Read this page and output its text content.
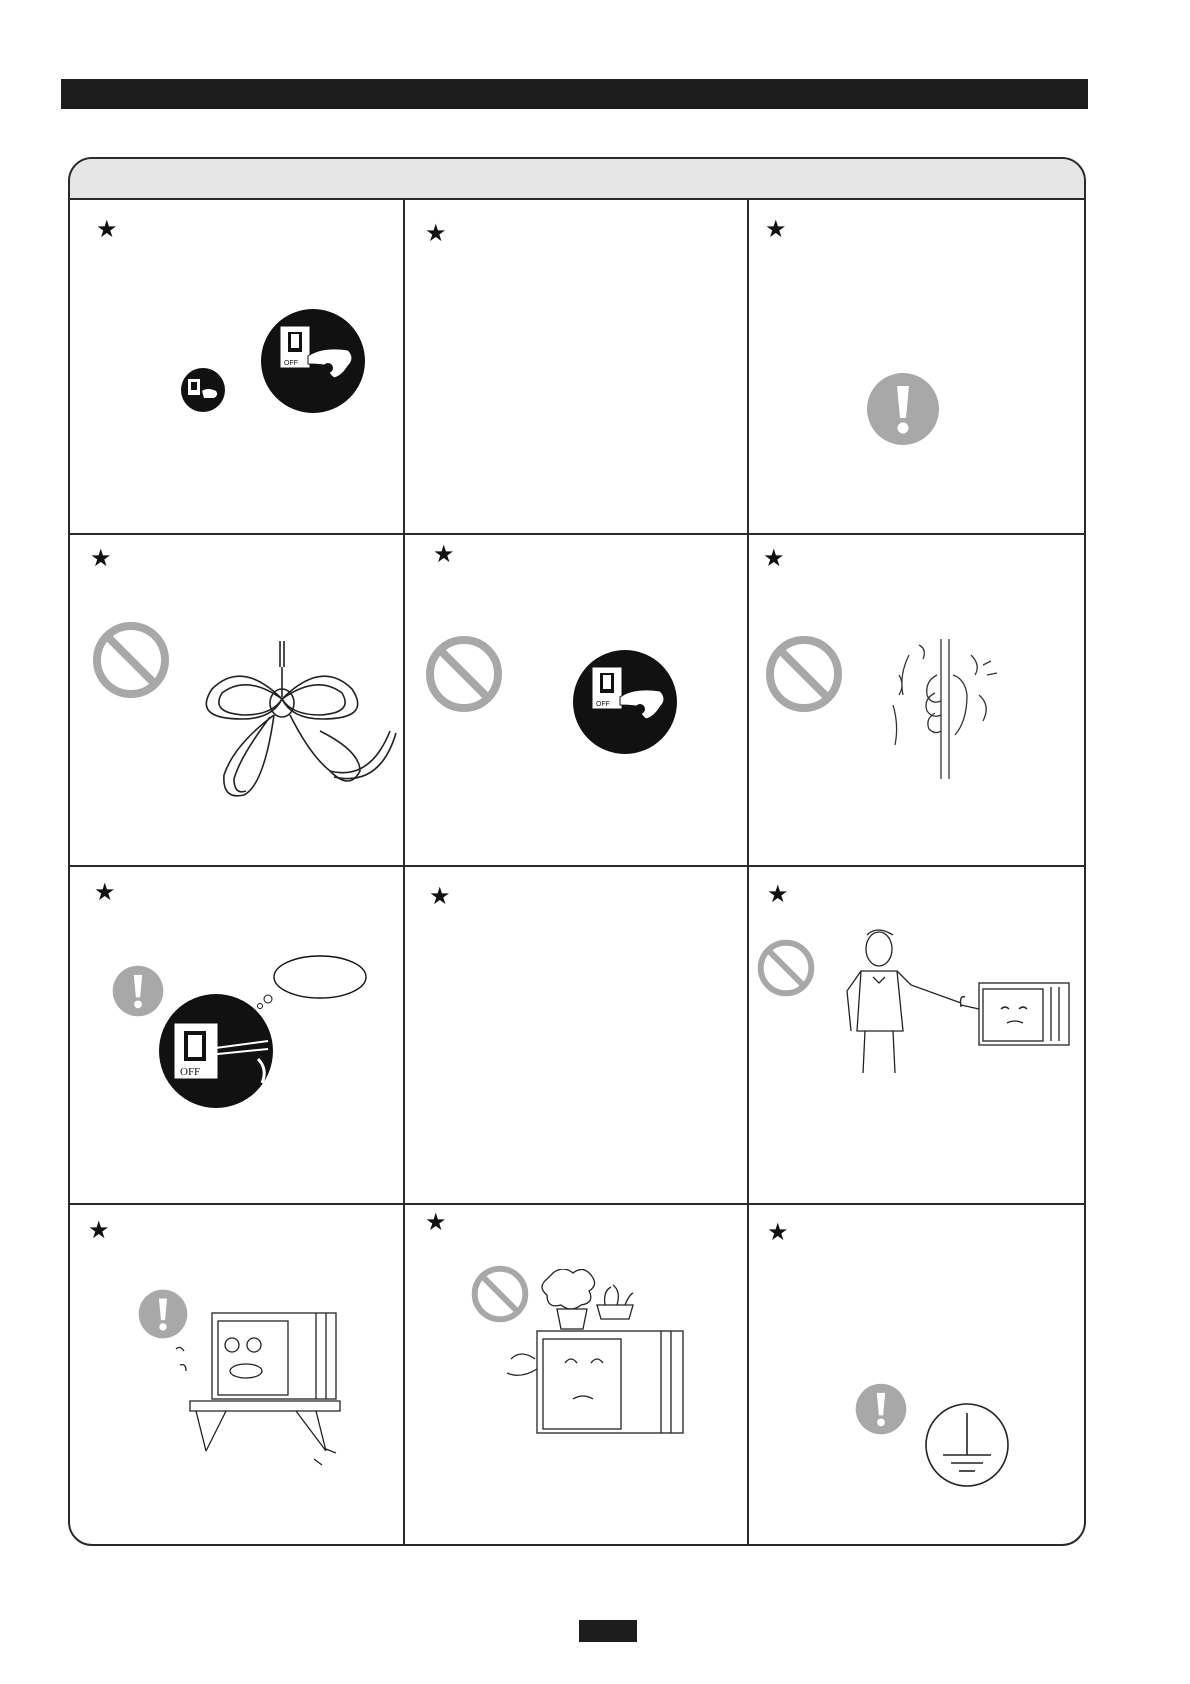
★
OFF
★	★
★	★
OFF
★
★
OFF
★	★
★	★	★
